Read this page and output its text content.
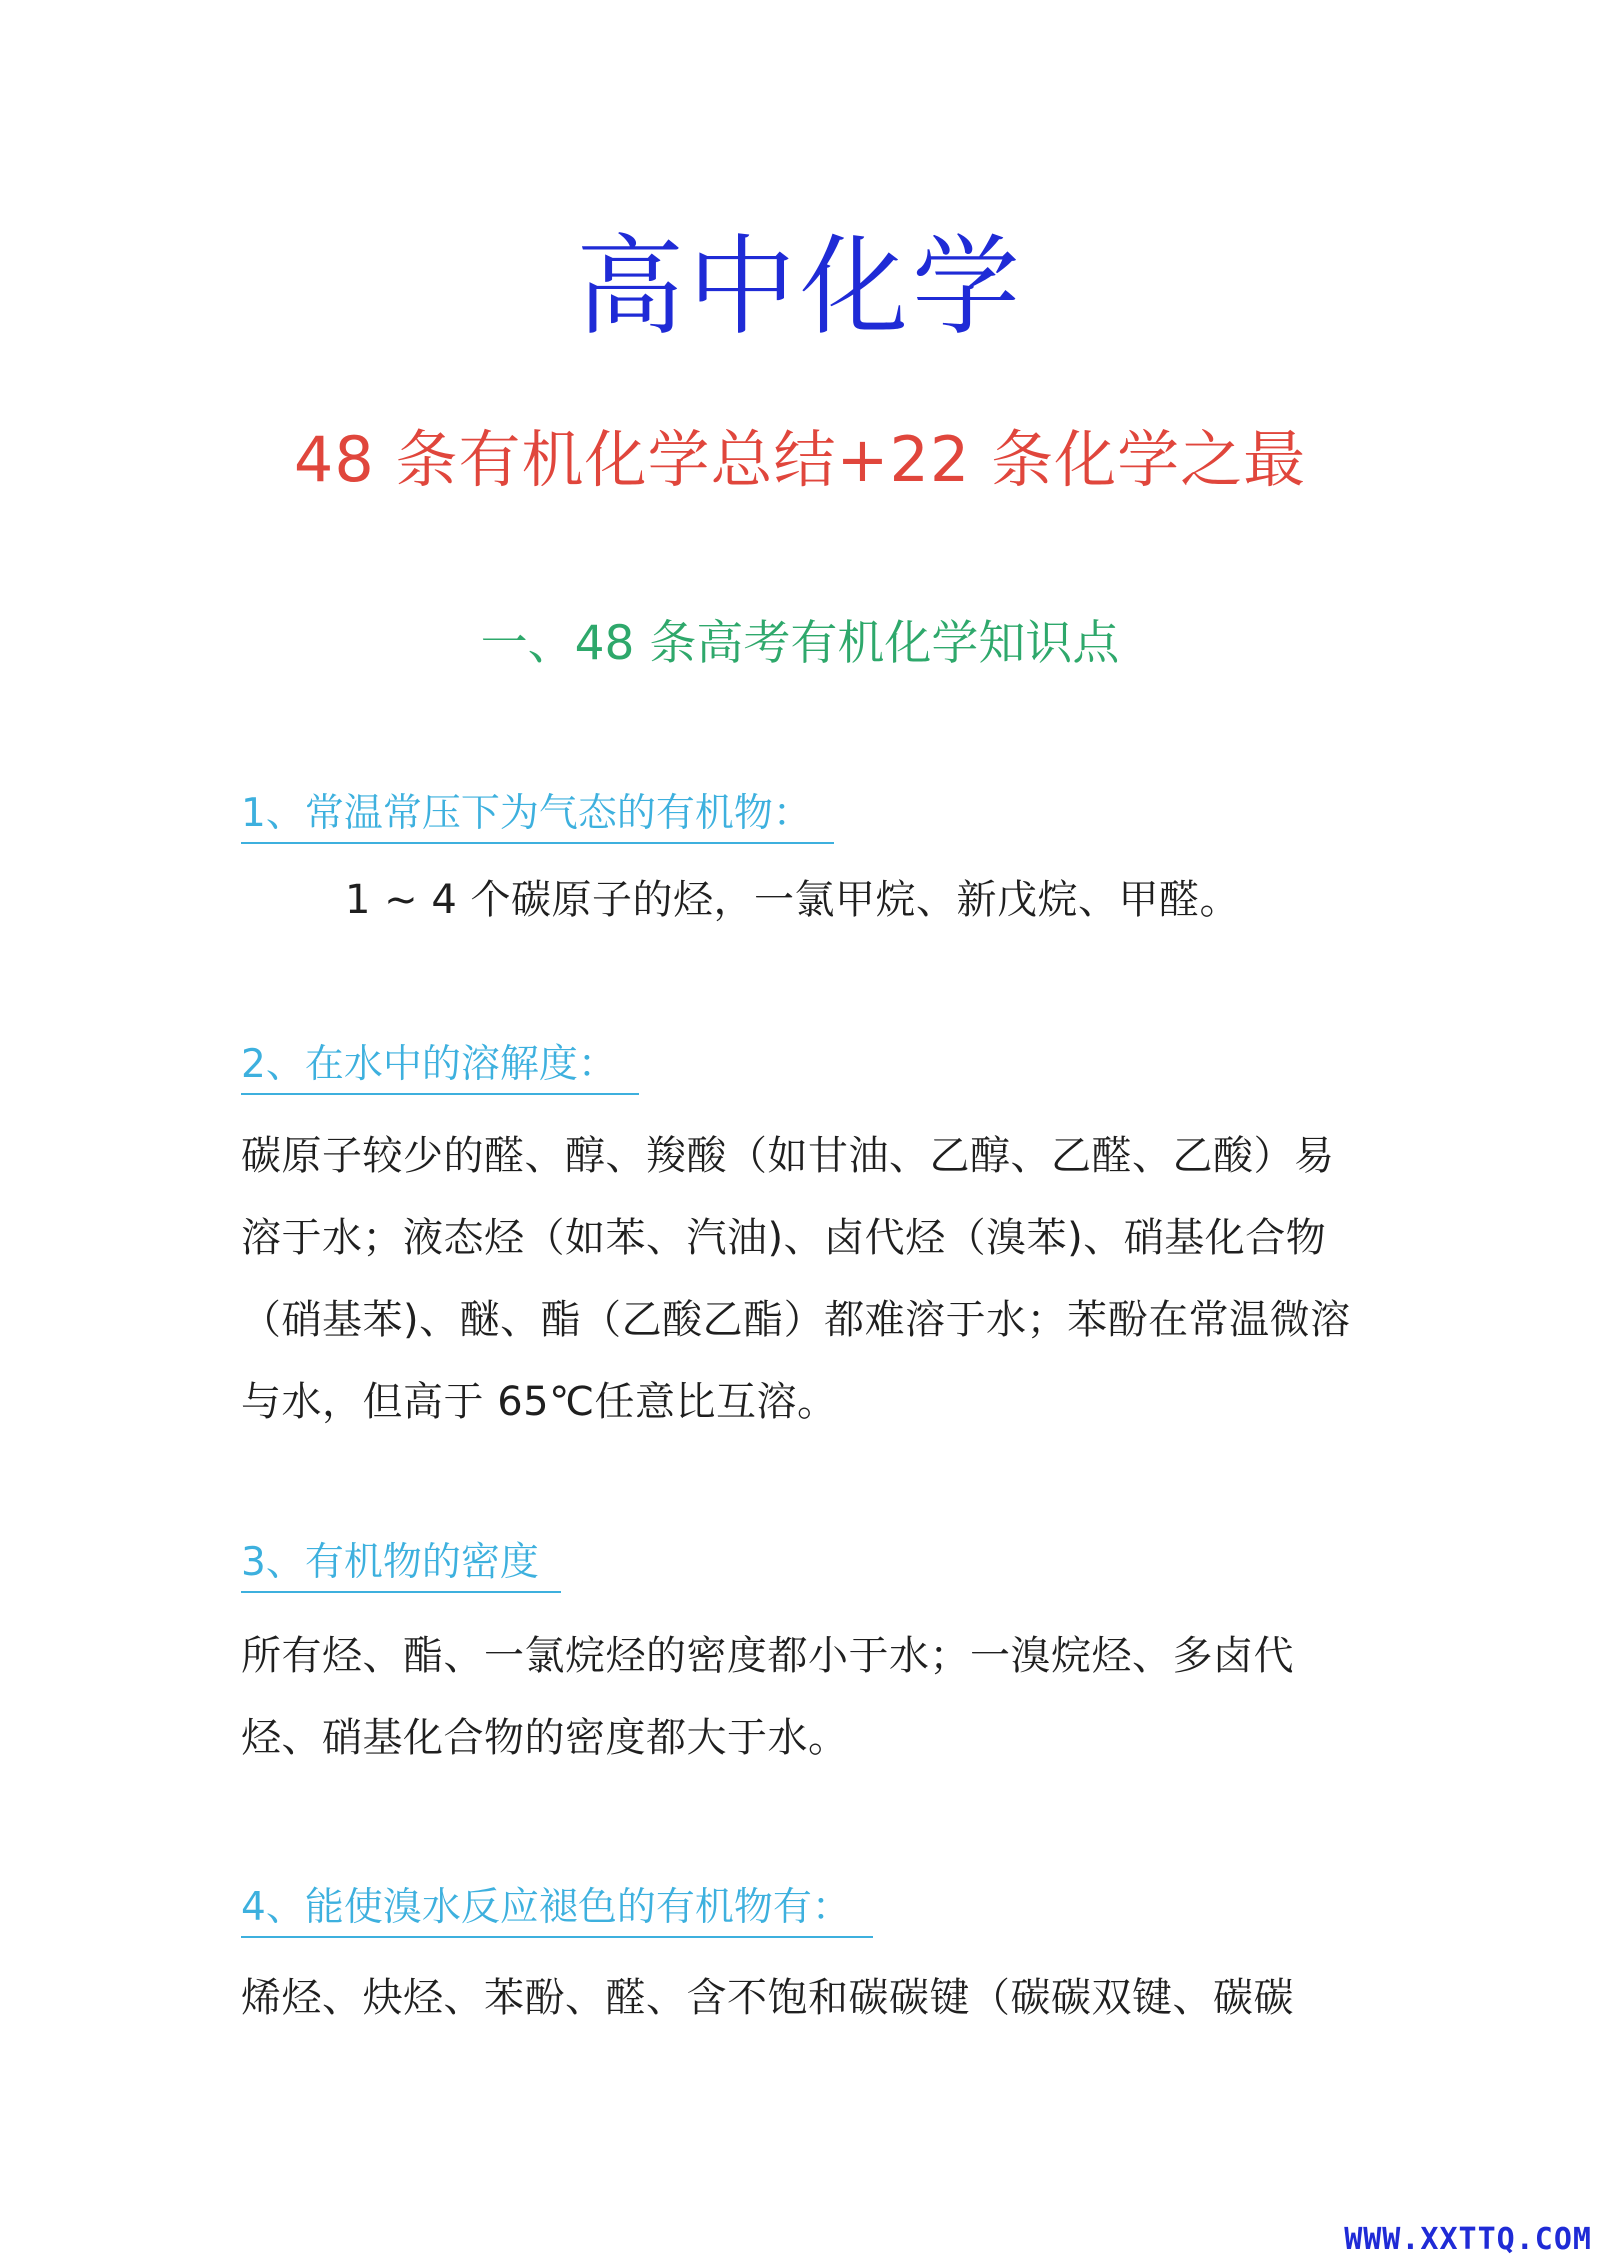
高中化学
48 条有机化学总结+22 条化学之最
一、48 条高考有机化学知识点
1、常温常压下为气态的有机物：

1 ~ 4 个碳原子的烃，一氯甲烷、新戊烷、甲醛。

2、在水中的溶解度：

碳原子较少的醛、醇、羧酸（如甘油、乙醇、乙醛、乙酸）易溶于水；液态烃（如苯、汽油)、卤代烃（溴苯)、硝基化合物（硝基苯)、醚、酯（乙酸乙酯）都难溶于水；苯酚在常温微溶与水，但高于 65℃任意比互溶。

3、有机物的密度

所有烃、酯、一氯烷烃的密度都小于水；一溴烷烃、多卤代烃、硝基化合物的密度都大于水。

4、能使溴水反应褪色的有机物有：

烯烃、炔烃、苯酚、醛、含不饱和碳碳键（碳碳双键、碳碳

WWW.XXTTQ.COM
